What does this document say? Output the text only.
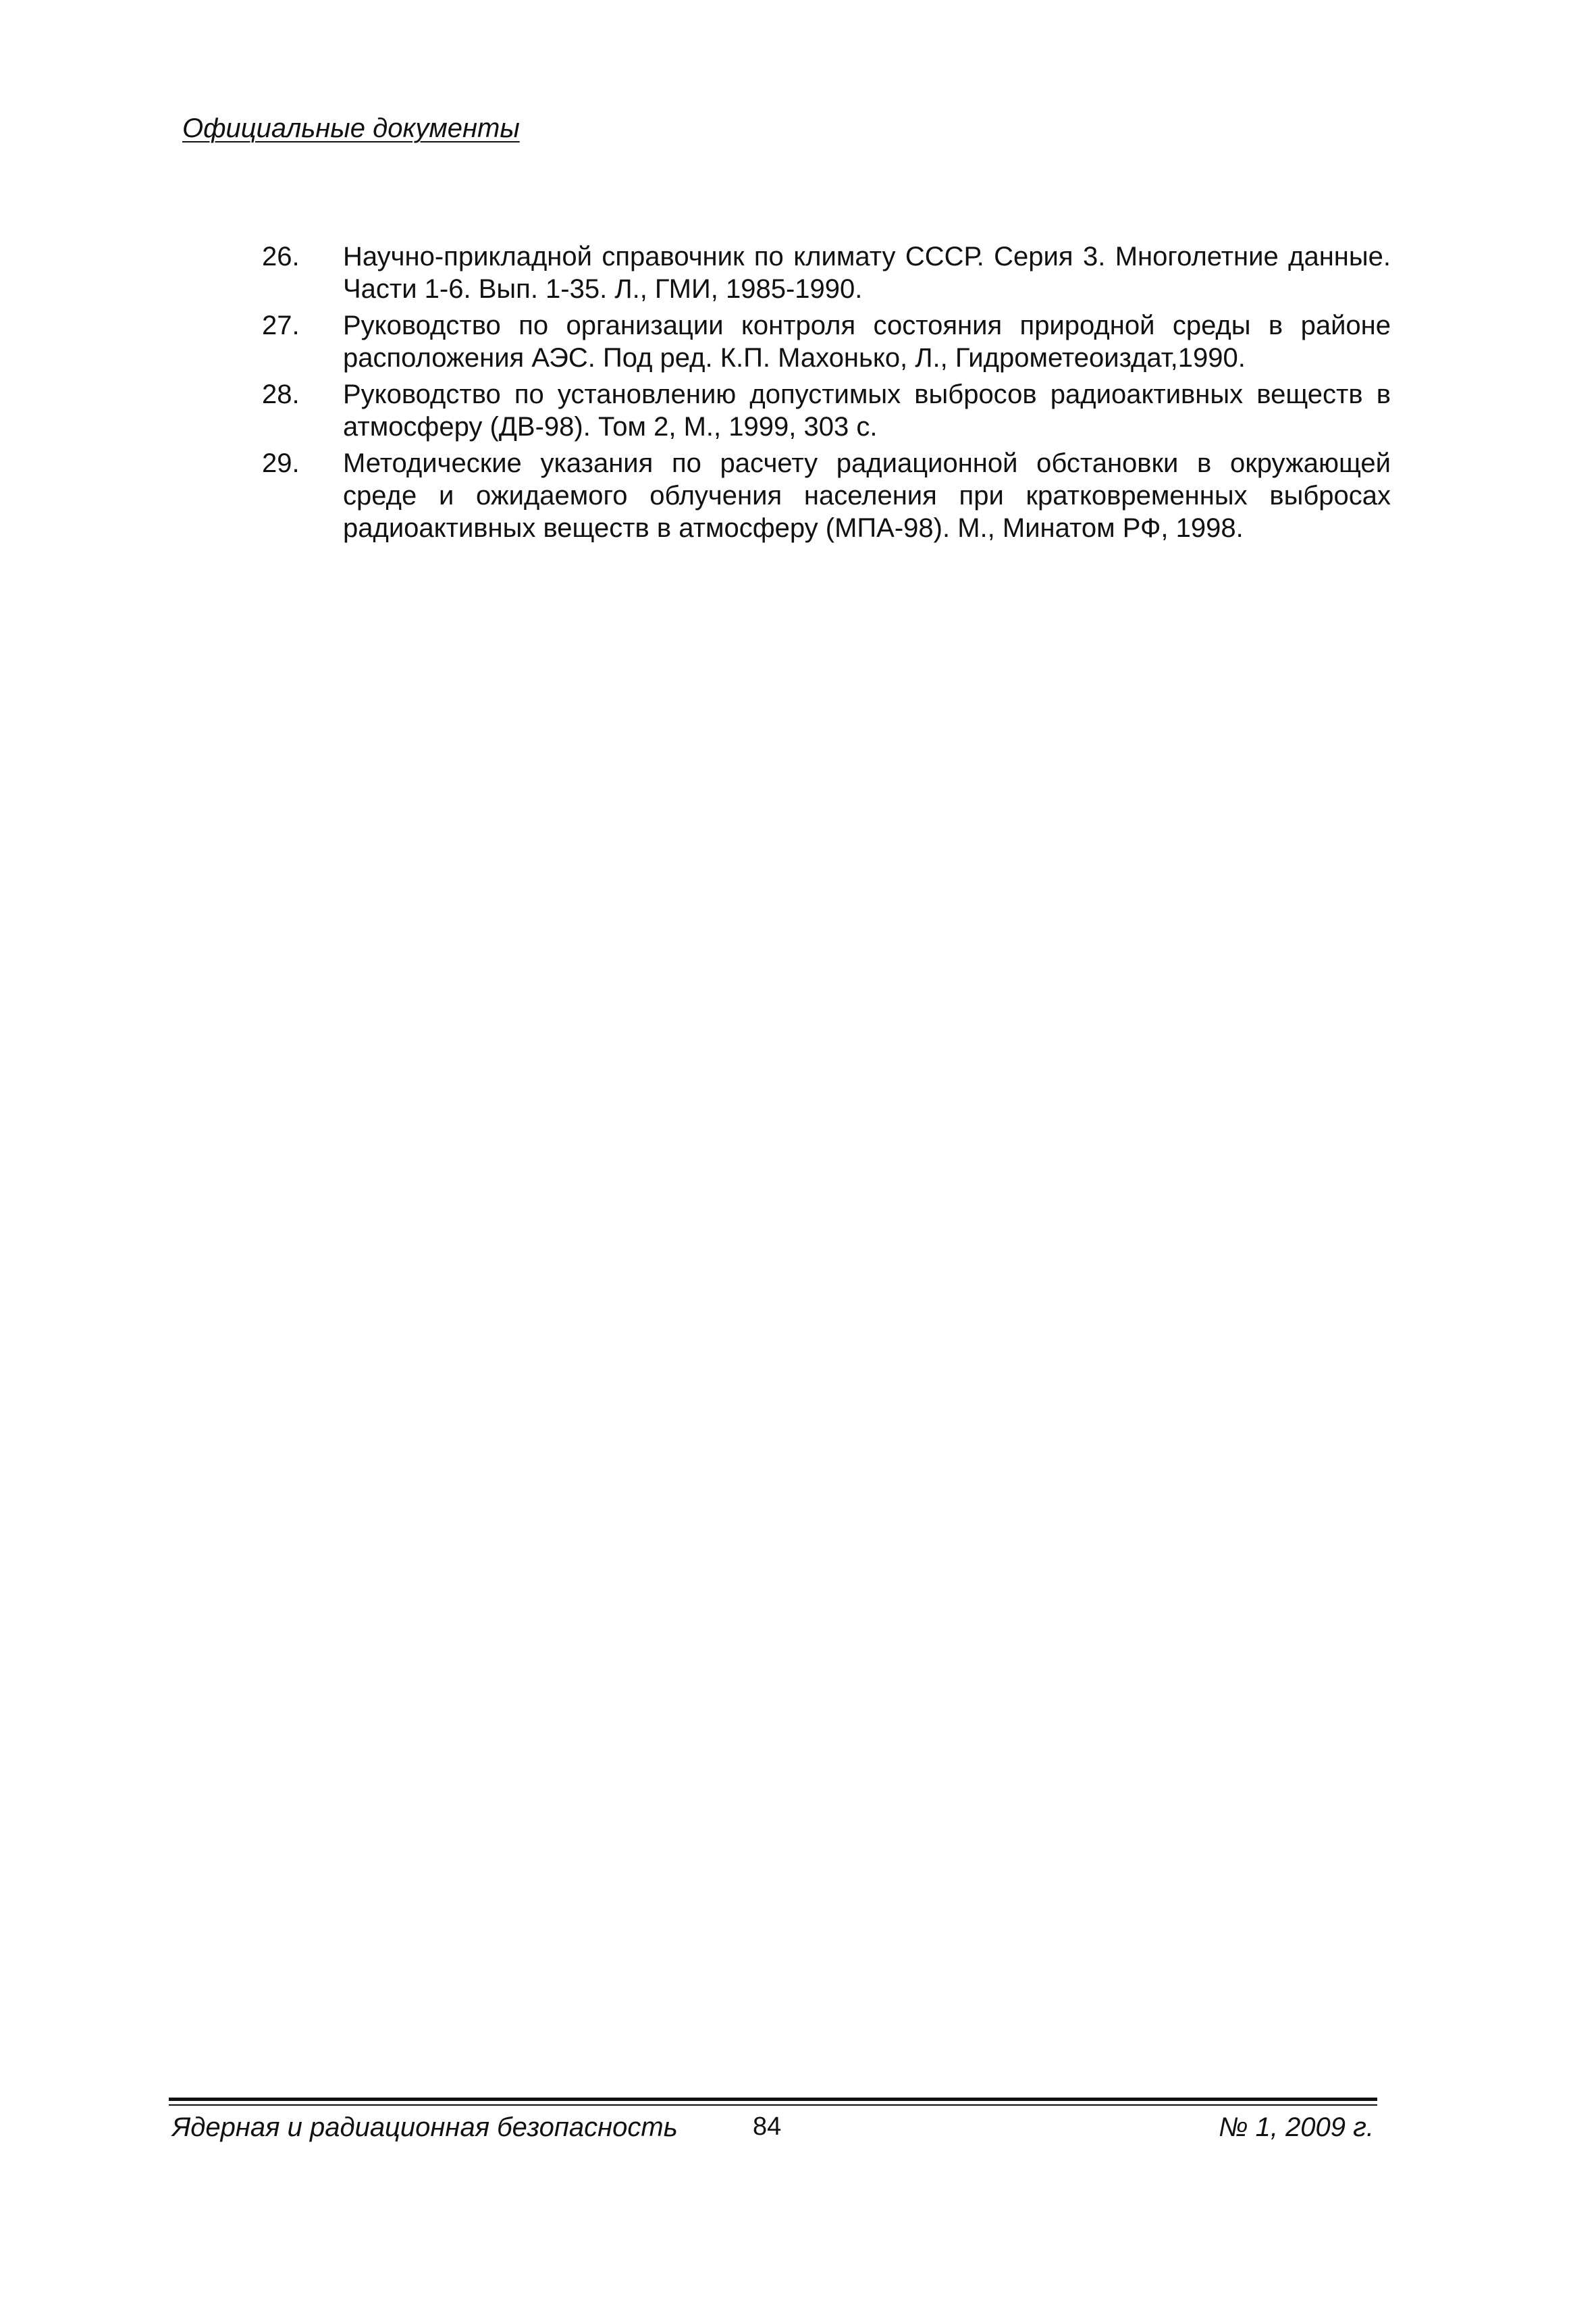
Официальные документы
26. Научно-прикладной справочник по климату СССР. Серия 3. Многолетние данные. Части 1-6. Вып. 1-35. Л., ГМИ, 1985-1990.
27. Руководство по организации контроля состояния природной среды в районе расположения АЭС. Под ред. К.П. Махонько, Л., Гидрометеоиздат,1990.
28. Руководство по установлению допустимых выбросов радиоактивных веществ в атмосферу (ДВ-98). Том 2, М., 1999, 303 с.
29. Методические указания по расчету радиационной обстановки в окружающей среде и ожидаемого облучения населения при кратковременных выбросах радиоактивных веществ в атмосферу (МПА-98). М., Минатом РФ, 1998.
Ядерная и радиационная безопасность	84	№ 1, 2009 г.
